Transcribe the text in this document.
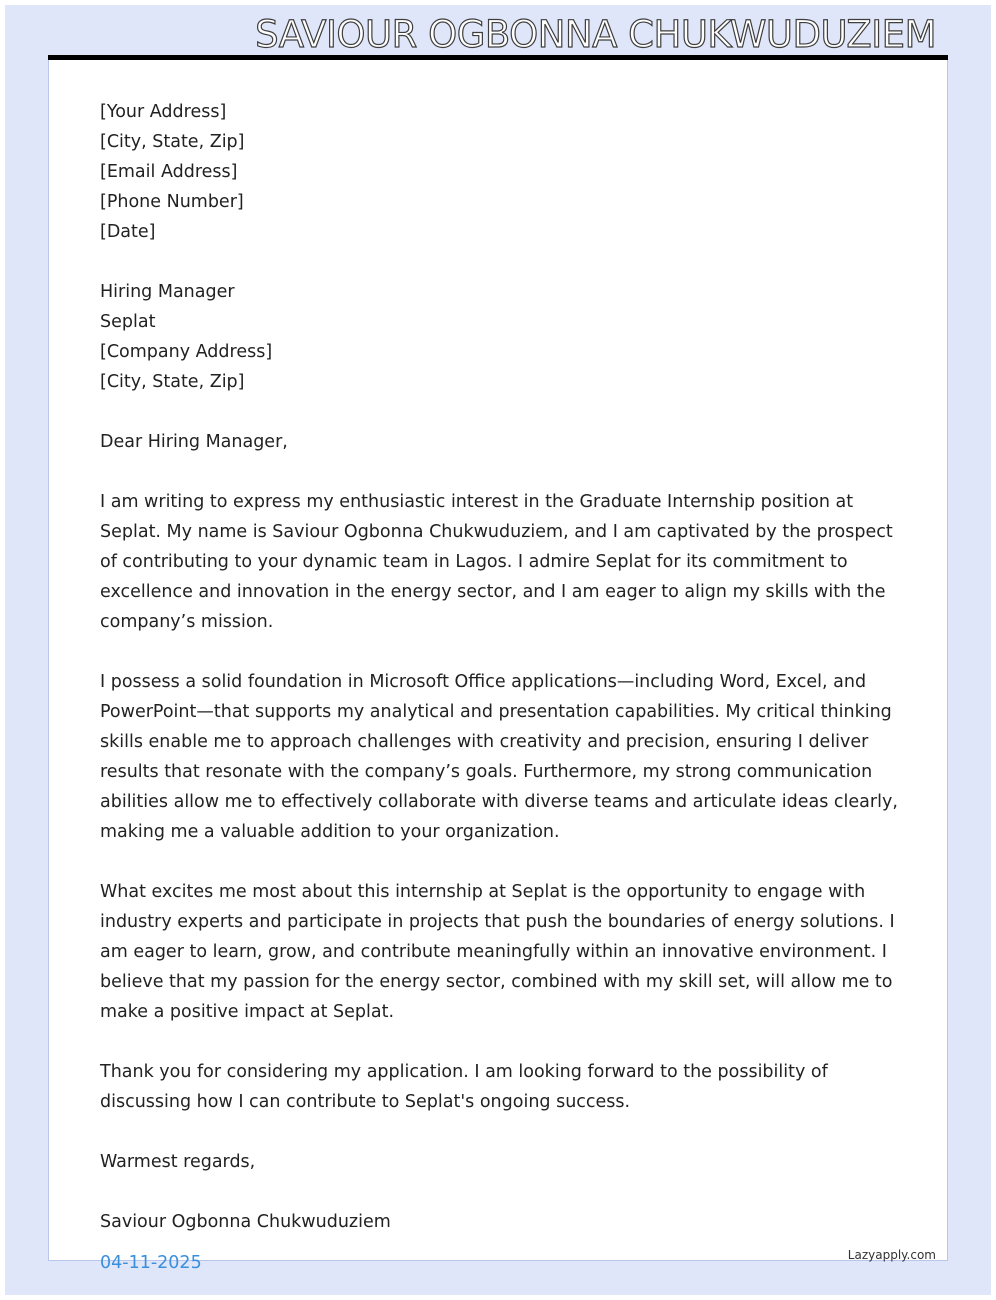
SAVIOUR OGBONNA CHUKWUDUZIEM
[Your Address]
[City, State, Zip]
[Email Address]
[Phone Number]
[Date]
Hiring Manager
Seplat
[Company Address]
[City, State, Zip]
Dear Hiring Manager,

I am writing to express my enthusiastic interest in the Graduate Internship position at Seplat. My name is Saviour Ogbonna Chukwuduziem, and I am captivated by the prospect of contributing to your dynamic team in Lagos. I admire Seplat for its commitment to excellence and innovation in the energy sector, and I am eager to align my skills with the company’s mission.

I possess a solid foundation in Microsoft Office applications—including Word, Excel, and PowerPoint—that supports my analytical and presentation capabilities. My critical thinking skills enable me to approach challenges with creativity and precision, ensuring I deliver results that resonate with the company’s goals. Furthermore, my strong communication abilities allow me to effectively collaborate with diverse teams and articulate ideas clearly, making me a valuable addition to your organization.

What excites me most about this internship at Seplat is the opportunity to engage with industry experts and participate in projects that push the boundaries of energy solutions. I am eager to learn, grow, and contribute meaningfully within an innovative environment. I believe that my passion for the energy sector, combined with my skill set, will allow me to make a positive impact at Seplat.

Thank you for considering my application. I am looking forward to the possibility of discussing how I can contribute to Seplat's ongoing success.

Warmest regards,
Saviour Ogbonna Chukwuduziem
04-11-2025	Lazyapply.com
